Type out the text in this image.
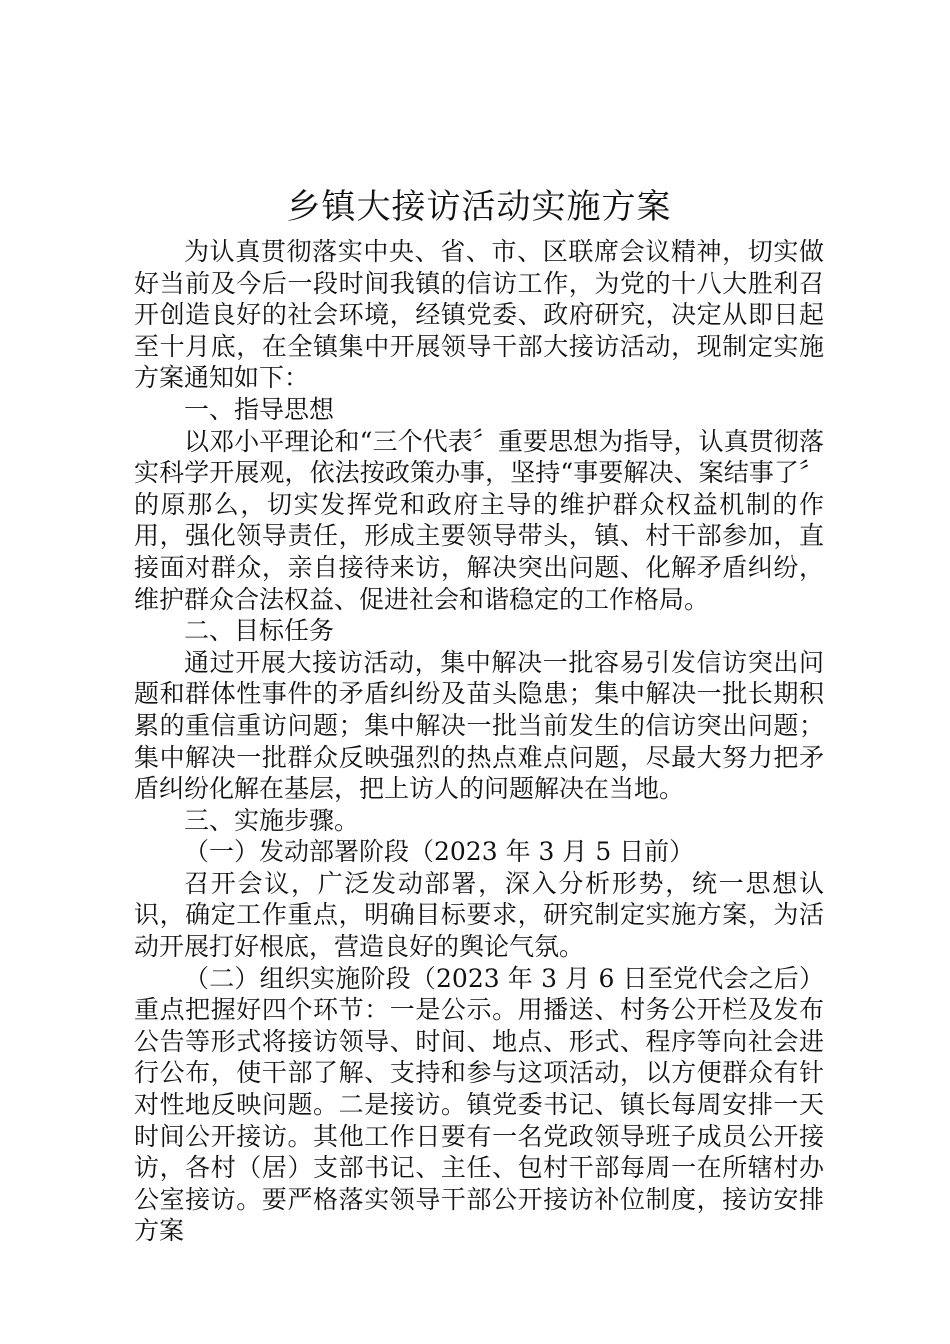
乡镇大接访活动实施方案

为认真贯彻落实中央、省、市、区联席会议精神，切实做好当前及今后一段时间我镇的信访工作，为党的十八大胜利召开创造良好的社会环境，经镇党委、政府研究，决定从即日起至十月底，在全镇集中开展领导干部大接访活动，现制定实施方案通知如下：

一、指导思想

以邓小平理论和“三个代表〞重要思想为指导，认真贯彻落实科学开展观，依法按政策办事，坚持“事要解决、案结事了〞的原那么，切实发挥党和政府主导的维护群众权益机制的作用，强化领导责任，形成主要领导带头，镇、村干部参加，直接面对群众，亲自接待来访，解决突出问题、化解矛盾纠纷，维护群众合法权益、促进社会和谐稳定的工作格局。

二、目标任务

通过开展大接访活动，集中解决一批容易引发信访突出问题和群体性事件的矛盾纠纷及苗头隐患；集中解决一批长期积累的重信重访问题；集中解决一批当前发生的信访突出问题；集中解决一批群众反映强烈的热点难点问题，尽最大努力把矛盾纠纷化解在基层，把上访人的问题解决在当地。

三、实施步骤。

（一）发动部署阶段（2023 年 3 月 5 日前）

召开会议，广泛发动部署，深入分析形势，统一思想认识，确定工作重点，明确目标要求，研究制定实施方案，为活动开展打好根底，营造良好的舆论气氛。

（二）组织实施阶段（2023 年 3 月 6 日至党代会之后）重点把握好四个环节：一是公示。用播送、村务公开栏及发布公告等形式将接访领导、时间、地点、形式、程序等向社会进行公布，使干部了解、支持和参与这项活动，以方便群众有针对性地反映问题。二是接访。镇党委书记、镇长每周安排一天时间公开接访。其他工作日要有一名党政领导班子成员公开接访，各村（居）支部书记、主任、包村干部每周一在所辖村办公室接访。要严格落实领导干部公开接访补位制度，接访安排方案
